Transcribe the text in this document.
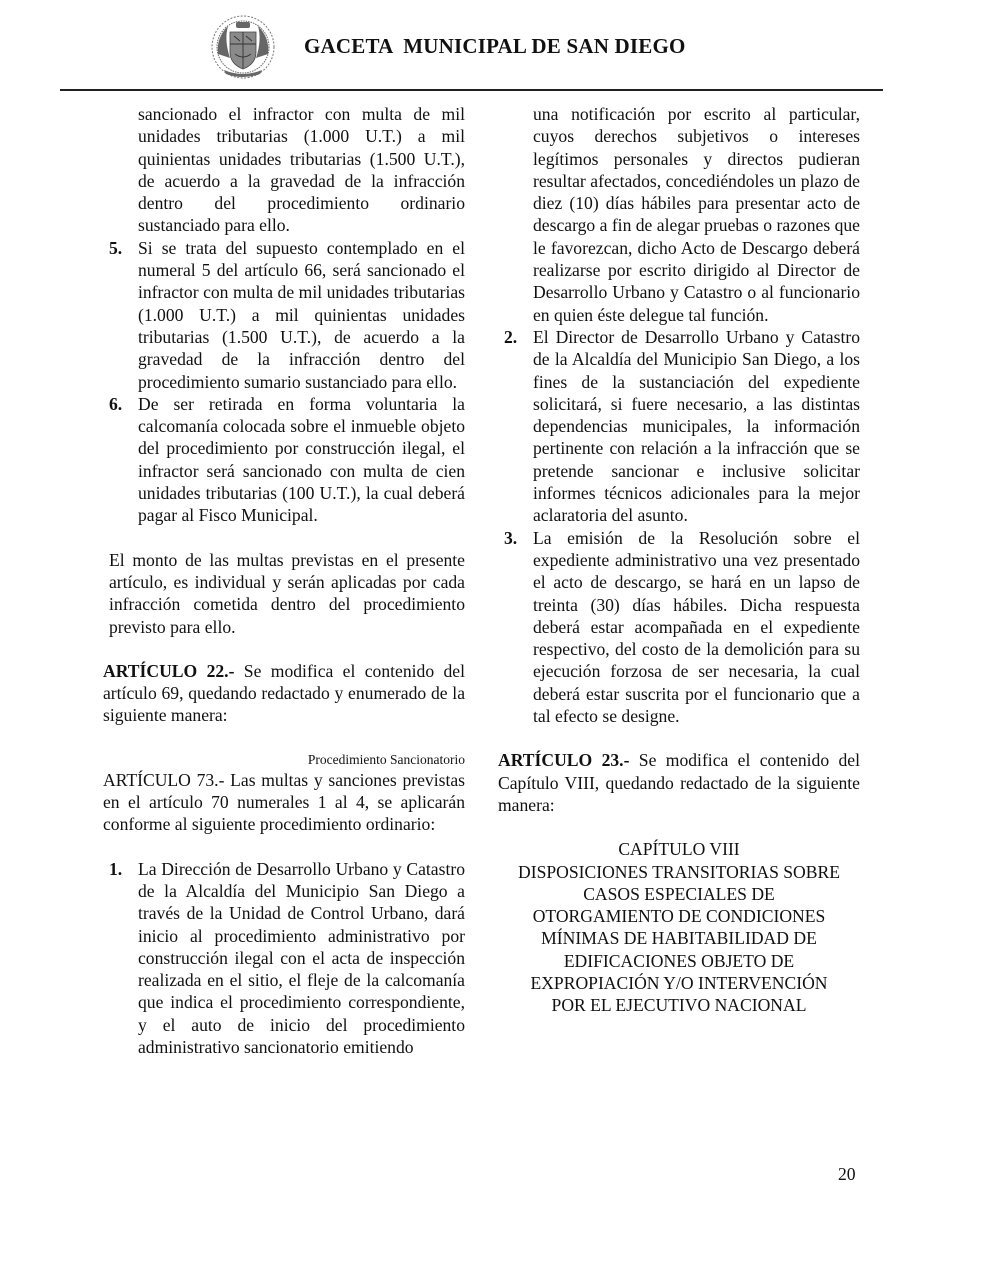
GACETA  MUNICIPAL DE SAN DIEGO

sancionado el infractor con multa de mil unidades tributarias (1.000 U.T.) a mil quinientas unidades tributarias (1.500 U.T.), de acuerdo a la gravedad de la infracción dentro del procedimiento ordinario sustanciado para ello.

5. Si se trata del supuesto contemplado en el numeral 5 del artículo 66, será sancionado el infractor con multa de mil unidades tributarias (1.000 U.T.) a mil quinientas unidades tributarias (1.500 U.T.), de acuerdo a la gravedad de la infracción dentro del procedimiento sumario sustanciado para ello.
6. De ser retirada en forma voluntaria la calcomanía colocada sobre el inmueble objeto del procedimiento por construcción ilegal, el infractor será sancionado con multa de cien unidades tributarias (100 U.T.), la cual deberá pagar al Fisco Municipal.

El monto de las multas previstas en el presente artículo, es individual y serán aplicadas por cada infracción cometida dentro del procedimiento previsto para ello.

ARTÍCULO 22.- Se modifica el contenido del artículo 69, quedando redactado y enumerado de la siguiente manera:

Procedimiento Sancionatorio

ARTÍCULO 73.- Las multas y sanciones previstas en el artículo 70 numerales 1 al 4, se aplicarán conforme al siguiente procedimiento ordinario:

1. La Dirección de Desarrollo Urbano y Catastro de la Alcaldía del Municipio San Diego a través de la Unidad de Control Urbano, dará inicio al procedimiento administrativo por construcción ilegal con el acta de inspección realizada en el sitio, el fleje de la calcomanía que indica el procedimiento correspondiente, y el auto de inicio del procedimiento administrativo sancionatorio emitiendo

una notificación por escrito al particular, cuyos derechos subjetivos o intereses legítimos personales y directos pudieran resultar afectados, concediéndoles un plazo de diez (10) días hábiles para presentar acto de descargo a fin de alegar pruebas o razones que le favorezcan, dicho Acto de Descargo deberá realizarse por escrito dirigido al Director de Desarrollo Urbano y Catastro o al funcionario en quien éste delegue tal función.

2. El Director de Desarrollo Urbano y Catastro de la Alcaldía del Municipio San Diego, a los fines de la sustanciación del expediente solicitará, si fuere necesario, a las distintas dependencias municipales, la información pertinente con relación a la infracción que se pretende sancionar e inclusive solicitar informes técnicos adicionales para la mejor aclaratoria del asunto.
3. La emisión de la Resolución sobre el expediente administrativo una vez presentado el acto de descargo, se hará en un lapso de treinta (30) días hábiles. Dicha respuesta deberá estar acompañada en el expediente respectivo, del costo de la demolición para su ejecución forzosa de ser necesaria, la cual deberá estar suscrita por el funcionario que a tal efecto se designe.

ARTÍCULO 23.- Se modifica el contenido del Capítulo VIII, quedando redactado de la siguiente manera:

CAPÍTULO VIII
DISPOSICIONES TRANSITORIAS SOBRE
CASOS ESPECIALES DE
OTORGAMIENTO DE CONDICIONES
MÍNIMAS DE HABITABILIDAD DE
EDIFICACIONES OBJETO DE
EXPROPIACIÓN Y/O INTERVENCIÓN
POR EL EJECUTIVO NACIONAL
20
